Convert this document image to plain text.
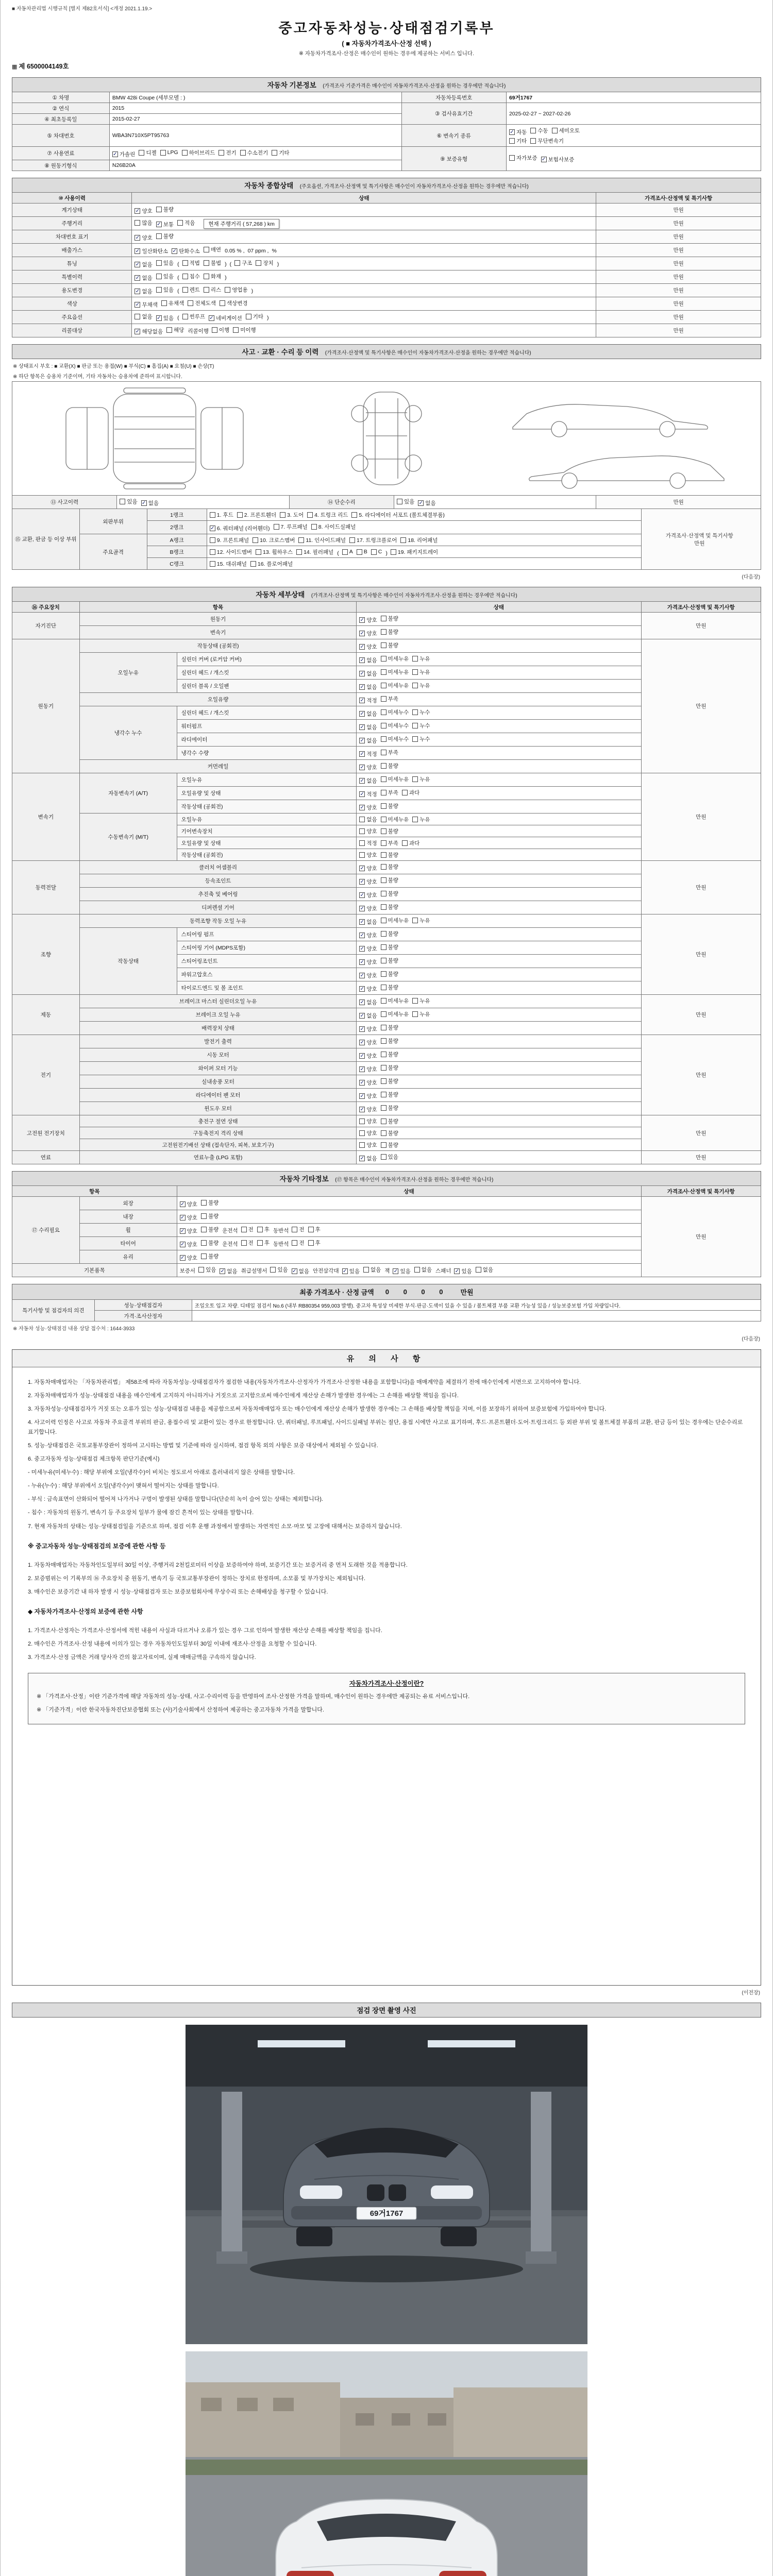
■ 자동차관리법 시행규칙 [별지 제82호서식] <개정 2021.1.19.>
중고자동차성능·상태점검기록부
( ■ 자동차가격조사·산정 선택 )
※ 자동차가격조사·산정은 매수인이 원하는 경우에 제공하는 서비스 입니다.
▦ 제 6500004149호
자동차 기본정보 (가격조사 기준가격은 매수인이 자동차가격조사·산정을 원하는 경우에만 적습니다)
① 차명	BMW 428i Coupe (세부모델 : )	자동차등록번호	69거1767
② 연식	2015	③ 검사유효기간	2025-02-27 ~ 2027-02-26
④ 최초등록일	2015-02-27		
⑤ 차대번호	WBA3N710X5PT95763	⑥ 변속기 종류	
✓ 자동 수동 세미오토

기타 무단변속기

⑦ 사용연료	✓ 가솔린 디젤 LPG 하이브리드 전기 수소전기 기타
	⑨ 보증유형	자가보증 ✓ 보험사보증

⑧ 원동기형식	N26B20A		
자동차 종합상태 (주요옵션, 가격조사·산정액 및 특기사항은 매수인이 자동차가격조사·산정을 원하는 경우에만 적습니다)
⑩ 사용이력	상태	가격조사·산정액 및 특기사항
계기상태	✓ 양호 불량	만원
주행거리	많음 ✓ 보통 적음 현재 주행거리 ( 57,268 ) km	만원
차대번호 표기	✓ 양호 불량	만원
배출가스	✓ 일산화탄소 ✓ 탄화수소 매연 0.05 % , 07 ppm , %	만원
튜닝	✓ 없음 있음 ( 적법 불법 ) ( 구조 장치 )	만원
특별이력	✓ 없음 있음 ( 침수 화재 )	만원
용도변경	✓ 없음 있음 ( 렌트 리스 영업용 )	만원
색상	✓ 무채색 유채색 전체도색 색상변경	만원
주요옵션	없음 ✓ 있음 ( 썬루프 ✓ 네비게이션 기타 )	만원
리콜대상	✓ 해당없음 해당 리콜이행 이행 미이행	만원
사고 · 교환 · 수리 등 이력 (가격조사·산정액 및 특기사항은 매수인이 자동차가격조사·산정을 원하는 경우에만 적습니다)
※ 상태표시 부호 : ■ 교환(X) ■ 판금 또는 용접(W) ■ 부식(C) ■ 흠집(A) ■ 요철(U) ■ 손상(T)
※ 하단 항목은 승용차 기준이며, 기타 자동차는 승용차에 준하여 표시합니다.
⑬ 사고이력	있음 ✓ 없음	⑭ 단순수리	있음 ✓ 없음	만원
⑮ 교환, 판금 등 이상 부위	외판부위	1랭크	1. 후드 2. 프론트휀더 3. 도어 4. 트렁크 리드 5. 라디에이터 서포트 (볼트체결부품)	가격조사·산정액 및 특기사항
만원
		2랭크	✓ 6. 쿼터패널 (리어휀더) 7. 루프패널 8. 사이드실패널	

	주요골격	A랭크	9. 프론트패널 10. 크로스멤버 11. 인사이드패널 17. 트렁크플로어 18. 리어패널	

B랭크	12. 사이드멤버 13. 휠하우스 14. 필러패널 ( A B C ) 19. 패키지트레이

		C랭크	15. 대쉬패널 16. 플로어패널	
(다음장)
자동차 세부상태 (가격조사·산정액 및 특기사항은 매수인이 자동차가격조사·산정을 원하는 경우에만 적습니다)
⑯ 주요장치	항목		상태	가격조사·산정액 및 특기사항
자기진단	원동기		✓ 양호 불량	만원
	변속기		✓ 양호 불량	

원동기	작동상태 (공회전)		✓ 양호 불량	만원
	오일누유	실린더 커버 (로커암 커버)	✓ 없음 미세누유 누유	

		실린더 헤드 / 개스킷	✓ 없음 미세누유 누유	

		실린더 블록 / 오일팬	✓ 없음 미세누유 누유	

	오일유량		✓ 적정 부족	

	냉각수 누수	실린더 헤드 / 개스킷	✓ 없음 미세누수 누수	

		워터펌프	✓ 없음 미세누수 누수	

		라디에이터	✓ 없음 미세누수 누수	

		냉각수 수량	✓ 적정 부족	

	커먼레일		✓ 양호 불량	

변속기	자동변속기 (A/T)	오일누유	✓ 없음 미세누유 누유	만원
		오일유량 및 상태	✓ 적정 부족 과다	

		작동상태 (공회전)	✓ 양호 불량	

	수동변속기 (M/T)	오일누유	없음 미세누유 누유	

		기어변속장치	양호 불량	

		오일유량 및 상태	적정 부족 과다	

		작동상태 (공회전)	양호 불량	

동력전달	클러치 어셈블리		✓ 양호 불량	만원
	등속조인트		✓ 양호 불량	

	추진축 및 베어링		✓ 양호 불량	

	디퍼렌셜 기어		✓ 양호 불량	

조향	동력조향 작동 오일 누유		✓ 없음 미세누유 누유	만원
	작동상태	스티어링 펌프	✓ 양호 불량	

		스티어링 기어 (MDPS포함)	✓ 양호 불량	

		스티어링조인트	✓ 양호 불량	

		파워고압호스	✓ 양호 불량	

		타이로드엔드 및 볼 조인트	✓ 양호 불량	

제동	브레이크 마스터 실린더오일 누유		✓ 없음 미세누유 누유	만원
	브레이크 오일 누유		✓ 없음 미세누유 누유	

	배력장치 상태		✓ 양호 불량	

전기	발전기 출력		✓ 양호 불량	만원
	시동 모터		✓ 양호 불량	

	와이퍼 모터 기능		✓ 양호 불량	

	실내송풍 모터		✓ 양호 불량	

	라디에이터 팬 모터		✓ 양호 불량	

	윈도우 모터		✓ 양호 불량	

고전원 전기장치	충전구 절연 상태		양호 불량	만원
	구동축전지 격리 상태		양호 불량	

	고전원전기배선 상태 (접속단자, 피복, 보호기구)		양호 불량	

연료	연료누출 (LPG 포함)		✓ 없음 있음	만원
자동차 기타정보 (⑰ 항목은 매수인이 자동차가격조사·산정을 원하는 경우에만 적습니다)
항목		상태	가격조사·산정액 및 특기사항
⑰ 수리필요	외장	✓ 양호 불량	만원
	내장	✓ 양호 불량	

휠	✓ 양호 불량 운전석 전 후 동반석 전 후

타이어	✓ 양호 불량 운전석 전 후 동반석 전 후

	유리	✓ 양호 불량	

기본품목	보증서 있음 ✓ 없음 취급설명서 있음 ✓ 없음 안전삼각대 ✓ 있음 없음 잭 ✓ 있음 없음 스패너 ✓ 있음 없음
최종 가격조사 · 산정 금액 0 0 0 0 만원
특기사항 및 점검자의 의견	성능·상태점검자	조일오토 입고 차량. 디테일 점검서 No.6 (내부 RB80354 959,003 발행). 중고차 특성상 미세한 부식·판금·도색이 있을 수 있음 / 볼트체결 부품 교환 가능성 있음 / 성능보증보험 가입 차량입니다.
	가격·조사산정자	
※ 자동차 성능·상태점검 내용 상담 접수처 : 1644-3933
(다음장)
유 의 사 항

1. 자동차매매업자는 「자동차관리법」 제58조에 따라 자동차성능·상태점검자가 점검한 내용(자동차가격조사·산정자가 가격조사·산정한 내용을 포함합니다)을 매매계약을 체결하기 전에 매수인에게 서면으로 고지하여야 합니다.

2. 자동차매매업자가 성능·상태점검 내용을 매수인에게 고지하지 아니하거나 거짓으로 고지함으로써 매수인에게 재산상 손해가 발생한 경우에는 그 손해를 배상할 책임을 집니다.

3. 자동차성능·상태점검자가 거짓 또는 오류가 있는 성능·상태점검 내용을 제공함으로써 자동차매매업자 또는 매수인에게 재산상 손해가 발생한 경우에는 그 손해를 배상할 책임을 지며, 이를 보장하기 위하여 보증보험에 가입하여야 합니다.

4. 사고이력 인정은 사고로 자동차 주요골격 부위의 판금, 용접수리 및 교환이 있는 경우로 한정합니다. 단, 쿼터패널, 루프패널, 사이드실패널 부위는 절단, 용접 시에만 사고로 표기하며, 후드·프론트휀더·도어·트렁크리드 등 외판 부위 및 볼트체결 부품의 교환, 판금 등이 있는 경우에는 단순수리로 표기합니다.

5. 성능·상태점검은 국토교통부장관이 정하여 고시하는 방법 및 기준에 따라 실시하며, 점검 항목 외의 사항은 보증 대상에서 제외될 수 있습니다.

6. 중고자동차 성능·상태점검 체크항목 판단기준(예시)

- 미세누유(미세누수) : 해당 부위에 오일(냉각수)이 비치는 정도로서 아래로 흘러내리지 않은 상태를 말합니다.

- 누유(누수) : 해당 부위에서 오일(냉각수)이 맺혀서 떨어지는 상태를 말합니다.

- 부식 : 금속표면이 산화되어 떨어져 나가거나 구멍이 발생된 상태를 말합니다(단순히 녹이 슬어 있는 상태는 제외합니다).

- 침수 : 자동차의 원동기, 변속기 등 주요장치 일부가 물에 잠긴 흔적이 있는 상태를 말합니다.

7. 현재 자동차의 상태는 성능·상태점검일을 기준으로 하며, 점검 이후 운행 과정에서 발생하는 자연적인 소모·마모 및 고장에 대해서는 보증하지 않습니다.

※ 중고자동차 성능·상태점검의 보증에 관한 사항 등

1. 자동차매매업자는 자동차인도일부터 30일 이상, 주행거리 2천킬로미터 이상을 보증하여야 하며, 보증기간 또는 보증거리 중 먼저 도래한 것을 적용합니다.

2. 보증범위는 이 기록부의 ⑯ 주요장치 중 원동기, 변속기 등 국토교통부장관이 정하는 장치로 한정하며, 소모품 및 부가장치는 제외됩니다.

3. 매수인은 보증기간 내 하자 발생 시 성능·상태점검자 또는 보증보험회사에 무상수리 또는 손해배상을 청구할 수 있습니다.

◆ 자동차가격조사·산정의 보증에 관한 사항

1. 가격조사·산정자는 가격조사·산정서에 적힌 내용이 사실과 다르거나 오류가 있는 경우 그로 인하여 발생한 재산상 손해를 배상할 책임을 집니다.

2. 매수인은 가격조사·산정 내용에 이의가 있는 경우 자동차인도일부터 30일 이내에 재조사·산정을 요청할 수 있습니다.

3. 가격조사·산정 금액은 거래 당사자 간의 참고자료이며, 실제 매매금액을 구속하지 않습니다.

자동차가격조사·산정이란?

※ 「가격조사·산정」이란 기준가격에 해당 자동차의 성능·상태, 사고·수리이력 등을 반영하여 조사·산정한 가격을 말하며, 매수인이 원하는 경우에만 제공되는 유료 서비스입니다.

※ 「기준가격」이란 한국자동차진단보증협회 또는 (사)기술사회에서 산정하여 제공하는 중고자동차 가격을 말합니다.

(이전장)
점검 장면 촬영 사진
69거1767
